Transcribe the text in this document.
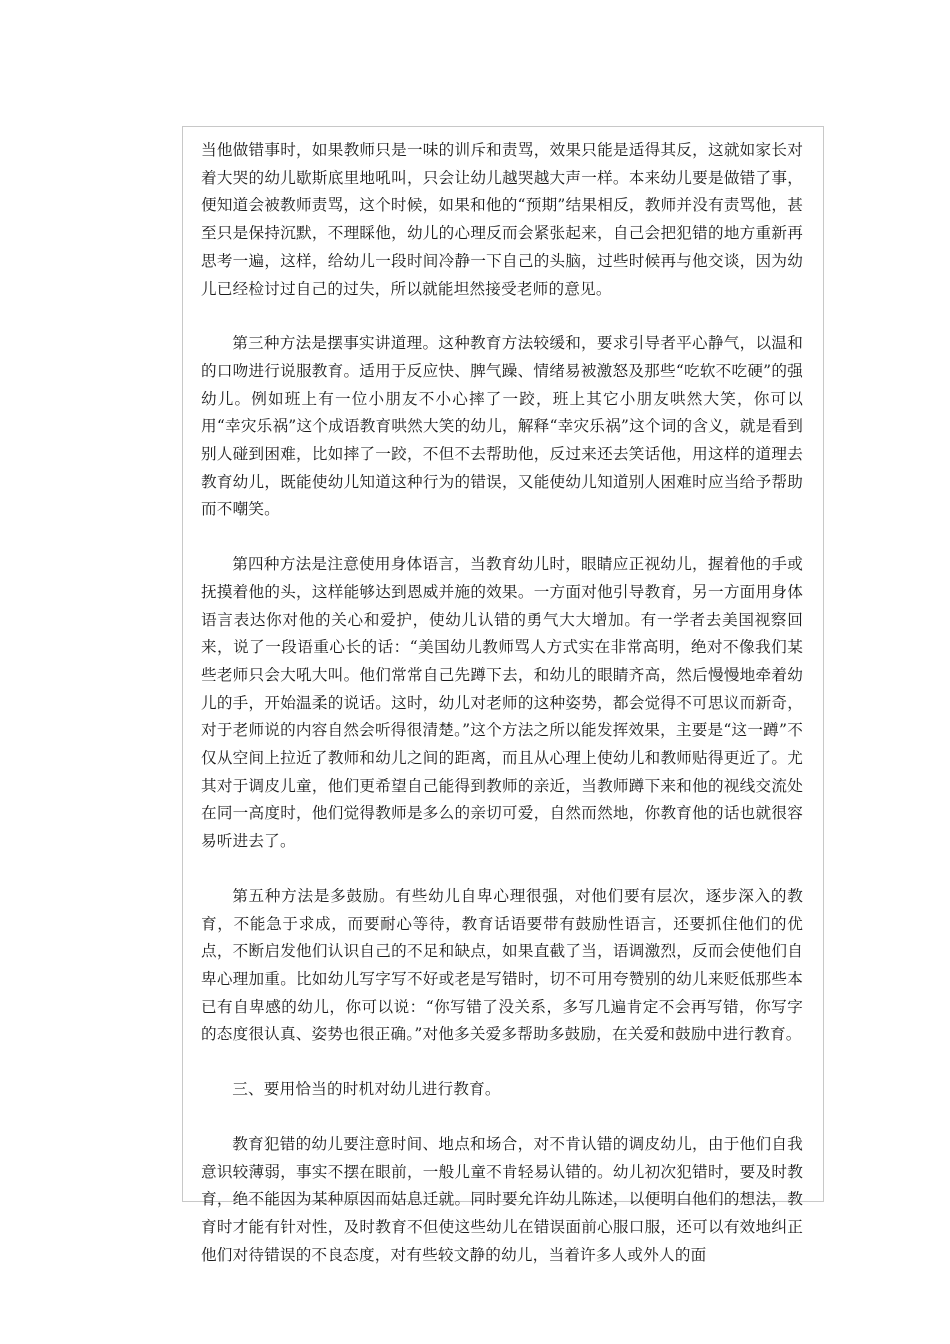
当他做错事时，如果教师只是一味的训斥和责骂，效果只能是适得其反，这就如家长对着大哭的幼儿歇斯底里地吼叫，只会让幼儿越哭越大声一样。本来幼儿要是做错了事，便知道会被教师责骂，这个时候，如果和他的“预期”结果相反，教师并没有责骂他，甚至只是保持沉默，不理睬他，幼儿的心理反而会紧张起来，自己会把犯错的地方重新再思考一遍，这样，给幼儿一段时间冷静一下自己的头脑，过些时候再与他交谈，因为幼儿已经检讨过自己的过失，所以就能坦然接受老师的意见。

第三种方法是摆事实讲道理。这种教育方法较缓和，要求引导者平心静气，以温和的口吻进行说服教育。适用于反应快、脾气躁、情绪易被激怒及那些“吃软不吃硬”的强幼儿。例如班上有一位小朋友不小心摔了一跤，班上其它小朋友哄然大笑，你可以用“幸灾乐祸”这个成语教育哄然大笑的幼儿，解释“幸灾乐祸”这个词的含义，就是看到别人碰到困难，比如摔了一跤，不但不去帮助他，反过来还去笑话他，用这样的道理去教育幼儿，既能使幼儿知道这种行为的错误，又能使幼儿知道别人困难时应当给予帮助而不嘲笑。

第四种方法是注意使用身体语言，当教育幼儿时，眼睛应正视幼儿，握着他的手或抚摸着他的头，这样能够达到恩威并施的效果。一方面对他引导教育，另一方面用身体语言表达你对他的关心和爱护，使幼儿认错的勇气大大增加。有一学者去美国视察回来，说了一段语重心长的话：“美国幼儿教师骂人方式实在非常高明，绝对不像我们某些老师只会大吼大叫。他们常常自己先蹲下去，和幼儿的眼睛齐高，然后慢慢地牵着幼儿的手，开始温柔的说话。这时，幼儿对老师的这种姿势，都会觉得不可思议而新奇，对于老师说的内容自然会听得很清楚。”这个方法之所以能发挥效果，主要是“这一蹲”不仅从空间上拉近了教师和幼儿之间的距离，而且从心理上使幼儿和教师贴得更近了。尤其对于调皮儿童，他们更希望自己能得到教师的亲近，当教师蹲下来和他的视线交流处在同一高度时，他们觉得教师是多么的亲切可爱，自然而然地，你教育他的话也就很容易听进去了。

第五种方法是多鼓励。有些幼儿自卑心理很强，对他们要有层次，逐步深入的教育，不能急于求成，而要耐心等待，教育话语要带有鼓励性语言，还要抓住他们的优点，不断启发他们认识自己的不足和缺点，如果直截了当，语调激烈，反而会使他们自卑心理加重。比如幼儿写字写不好或老是写错时，切不可用夸赞别的幼儿来贬低那些本已有自卑感的幼儿，你可以说：“你写错了没关系，多写几遍肯定不会再写错，你写字的态度很认真、姿势也很正确。”对他多关爱多帮助多鼓励，在关爱和鼓励中进行教育。

三、要用恰当的时机对幼儿进行教育。

教育犯错的幼儿要注意时间、地点和场合，对不肯认错的调皮幼儿，由于他们自我意识较薄弱，事实不摆在眼前，一般儿童不肯轻易认错的。幼儿初次犯错时，要及时教育，绝不能因为某种原因而姑息迁就。同时要允许幼儿陈述，以便明白他们的想法，教育时才能有针对性，及时教育不但使这些幼儿在错误面前心服口服，还可以有效地纠正他们对待错误的不良态度，对有些较文静的幼儿，当着许多人或外人的面
